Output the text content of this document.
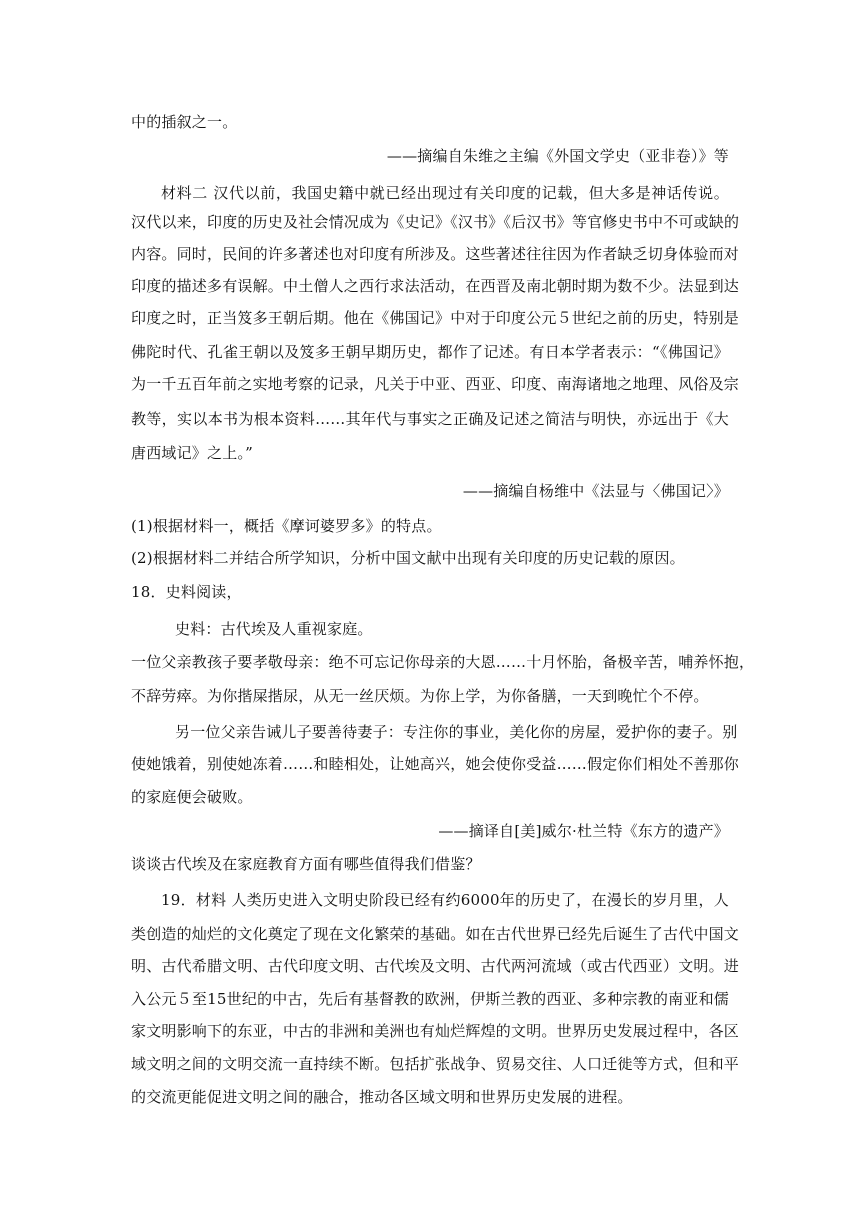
中的插叙之一。
——摘编自朱维之主编《外国文学史（亚非卷）》等
材料二 汉代以前，我国史籍中就已经出现过有关印度的记载，但大多是神话传说。
汉代以来，印度的历史及社会情况成为《史记》《汉书》《后汉书》等官修史书中不可或缺的
内容。同时，民间的许多著述也对印度有所涉及。这些著述往往因为作者缺乏切身体验而对
印度的描述多有误解。中土僧人之西行求法活动，在西晋及南北朝时期为数不少。法显到达
印度之时，正当笈多王朝后期。他在《佛国记》中对于印度公元５世纪之前的历史，特别是
佛陀时代、孔雀王朝以及笈多王朝早期历史，都作了记述。有日本学者表示：“《佛国记》
为一千五百年前之实地考察的记录，凡关于中亚、西亚、印度、南海诸地之地理、风俗及宗
教等，实以本书为根本资料……其年代与事实之正确及记述之简洁与明快，亦远出于《大
唐西域记》之上。”
——摘编自杨维中《法显与〈佛国记〉》
(1)根据材料一，概括《摩诃婆罗多》的特点。
(2)根据材料二并结合所学知识，分析中国文献中出现有关印度的历史记载的原因。
18．史料阅读，
史料：古代埃及人重视家庭。
一位父亲教孩子要孝敬母亲：绝不可忘记你母亲的大恩……十月怀胎，备极辛苦，哺养怀抱，
不辞劳瘁。为你揩屎揩尿，从无一丝厌烦。为你上学，为你备膳，一天到晚忙个不停。
另一位父亲告诫儿子要善待妻子：专注你的事业，美化你的房屋，爱护你的妻子。别
使她饿着，别使她冻着……和睦相处，让她高兴，她会使你受益……假定你们相处不善那你
的家庭便会破败。
——摘译自[美]威尔·杜兰特《东方的遗产》
谈谈古代埃及在家庭教育方面有哪些值得我们借鉴？
19．材料 人类历史进入文明史阶段已经有约6000年的历史了，在漫长的岁月里，人
类创造的灿烂的文化奠定了现在文化繁荣的基础。如在古代世界已经先后诞生了古代中国文
明、古代希腊文明、古代印度文明、古代埃及文明、古代两河流域（或古代西亚）文明。进
入公元５至15世纪的中古，先后有基督教的欧洲，伊斯兰教的西亚、多种宗教的南亚和儒
家文明影响下的东亚，中古的非洲和美洲也有灿烂辉煌的文明。世界历史发展过程中，各区
域文明之间的文明交流一直持续不断。包括扩张战争、贸易交往、人口迁徙等方式，但和平
的交流更能促进文明之间的融合，推动各区域文明和世界历史发展的进程。
